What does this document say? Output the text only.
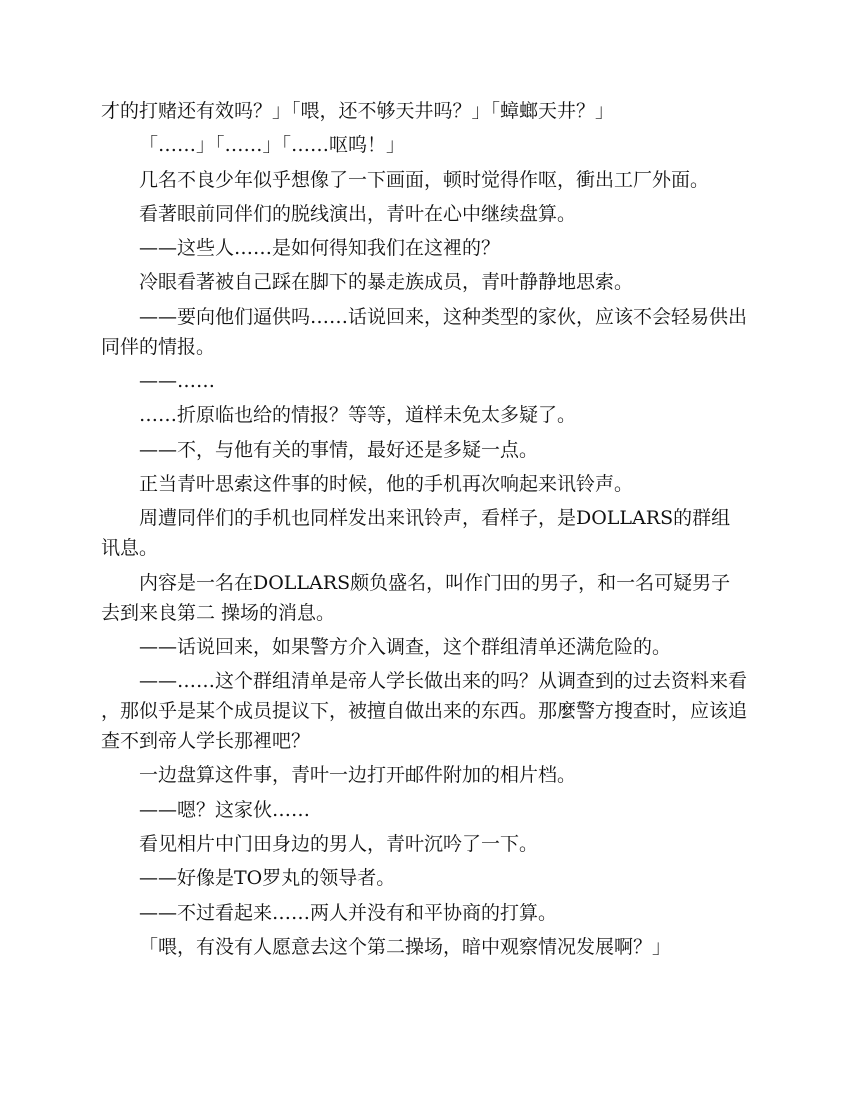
才的打赌还有效吗？」「喂，还不够天井吗？」「蟑螂天井？」

「……」「……」「……呕呜！」

几名不良少年似乎想像了一下画面，顿时觉得作呕，衝出工厂外面。

看著眼前同伴们的脱线演出，青叶在心中继续盘算。

——这些人……是如何得知我们在这裡的？

冷眼看著被自己踩在脚下的暴走族成员，青叶静静地思索。

——要向他们逼供吗……话说回来，这种类型的家伙，应该不会轻易供出同伴的情报。

——……

……折原临也给的情报？等等，道样未免太多疑了。

——不，与他有关的事情，最好还是多疑一点。

正当青叶思索这件事的时候，他的手机再次响起来讯铃声。

周遭同伴们的手机也同样发出来讯铃声，看样子，是DOLLARS的群组讯息。

内容是一名在DOLLARS颇负盛名，叫作门田的男子，和一名可疑男子去到来良第二 操场的消息。

——话说回来，如果警方介入调查，这个群组清单还满危险的。

——……这个群组清单是帝人学长做出来的吗？从调查到的过去资料来看，那似乎是某个成员提议下，被擅自做出来的东西。那麼警方搜查时，应该追查不到帝人学长那裡吧？

一边盘算这件事，青叶一边打开邮件附加的相片档。

——嗯？这家伙……

看见相片中门田身边的男人，青叶沉吟了一下。

——好像是TO罗丸的领导者。

——不过看起来……两人并没有和平协商的打算。

「喂，有没有人愿意去这个第二操场，暗中观察情况发展啊？」
